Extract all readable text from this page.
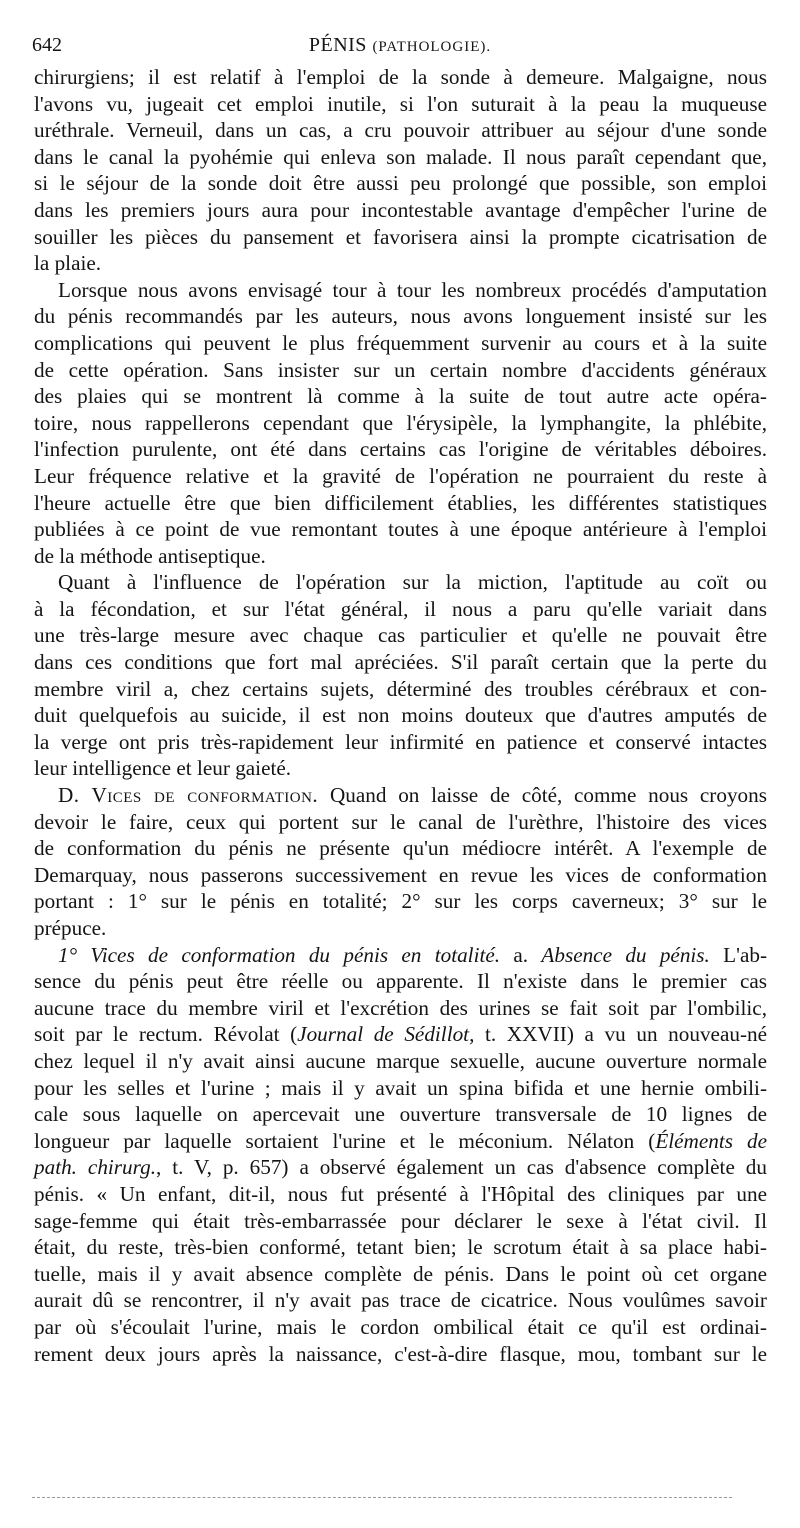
642	PÉNIS (PATHOLOGIE).
chirurgiens; il est relatif à l'emploi de la sonde à demeure. Malgaigne, nous
l'avons vu, jugeait cet emploi inutile, si l'on suturait à la peau la muqueuse
uréthrale. Verneuil, dans un cas, a cru pouvoir attribuer au séjour d'une sonde
dans le canal la pyohémie qui enleva son malade. Il nous paraît cependant que,
si le séjour de la sonde doit être aussi peu prolongé que possible, son emploi
dans les premiers jours aura pour incontestable avantage d'empêcher l'urine de
souiller les pièces du pansement et favorisera ainsi la prompte cicatrisation de
la plaie.
Lorsque nous avons envisagé tour à tour les nombreux procédés d'amputation
du pénis recommandés par les auteurs, nous avons longuement insisté sur les
complications qui peuvent le plus fréquemment survenir au cours et à la suite
de cette opération. Sans insister sur un certain nombre d'accidents généraux
des plaies qui se montrent là comme à la suite de tout autre acte opéra-
toire, nous rappellerons cependant que l'érysipèle, la lymphangite, la phlébite,
l'infection purulente, ont été dans certains cas l'origine de véritables déboires.
Leur fréquence relative et la gravité de l'opération ne pourraient du reste à
l'heure actuelle être que bien difficilement établies, les différentes statistiques
publiées à ce point de vue remontant toutes à une époque antérieure à l'emploi
de la méthode antiseptique.
Quant à l'influence de l'opération sur la miction, l'aptitude au coït ou
à la fécondation, et sur l'état général, il nous a paru qu'elle variait dans
une très-large mesure avec chaque cas particulier et qu'elle ne pouvait être
dans ces conditions que fort mal apréciées. S'il paraît certain que la perte du
membre viril a, chez certains sujets, déterminé des troubles cérébraux et con-
duit quelquefois au suicide, il est non moins douteux que d'autres amputés de
la verge ont pris très-rapidement leur infirmité en patience et conservé intactes
leur intelligence et leur gaieté.
D. Vices de conformation. Quand on laisse de côté, comme nous croyons
devoir le faire, ceux qui portent sur le canal de l'urèthre, l'histoire des vices
de conformation du pénis ne présente qu'un médiocre intérêt. A l'exemple de
Demarquay, nous passerons successivement en revue les vices de conformation
portant : 1° sur le pénis en totalité; 2° sur les corps caverneux; 3° sur le
prépuce.
1° Vices de conformation du pénis en totalité. a. Absence du pénis. L'ab-
sence du pénis peut être réelle ou apparente. Il n'existe dans le premier cas
aucune trace du membre viril et l'excrétion des urines se fait soit par l'ombilic,
soit par le rectum. Révolat (Journal de Sédillot, t. XXVII) a vu un nouveau-né
chez lequel il n'y avait ainsi aucune marque sexuelle, aucune ouverture normale
pour les selles et l'urine ; mais il y avait un spina bifida et une hernie ombili-
cale sous laquelle on apercevait une ouverture transversale de 10 lignes de
longueur par laquelle sortaient l'urine et le méconium. Nélaton (Éléments de
path. chirurg., t. V, p. 657) a observé également un cas d'absence complète du
pénis. « Un enfant, dit-il, nous fut présenté à l'Hôpital des cliniques par une
sage-femme qui était très-embarrassée pour déclarer le sexe à l'état civil. Il
était, du reste, très-bien conformé, tetant bien; le scrotum était à sa place habi-
tuelle, mais il y avait absence complète de pénis. Dans le point où cet organe
aurait dû se rencontrer, il n'y avait pas trace de cicatrice. Nous voulûmes savoir
par où s'écoulait l'urine, mais le cordon ombilical était ce qu'il est ordinai-
rement deux jours après la naissance, c'est-à-dire flasque, mou, tombant sur le
